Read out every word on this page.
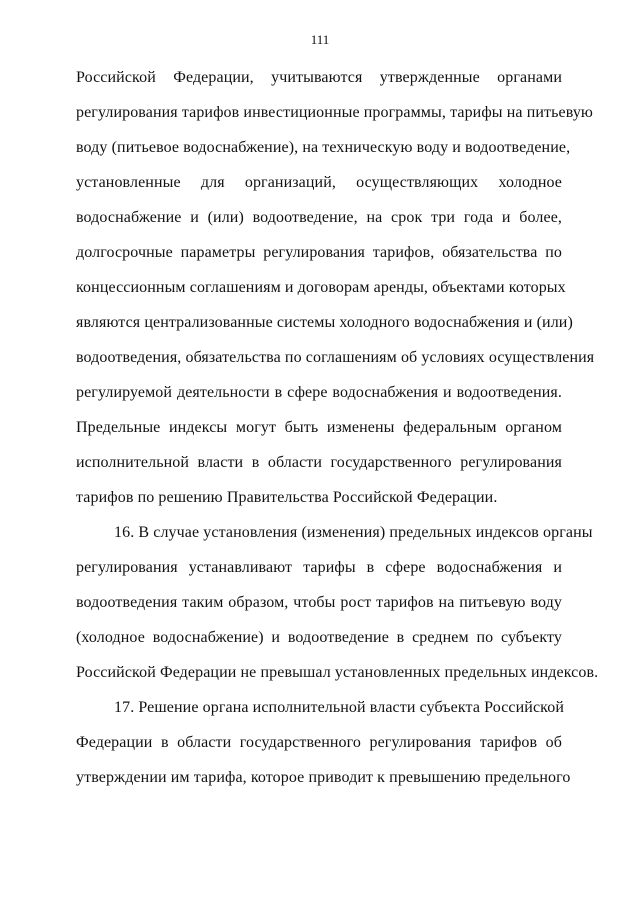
111
Российской Федерации, учитываются утвержденные органами
регулирования тарифов инвестиционные программы, тарифы на питьевую
воду (питьевое водоснабжение), на техническую воду и водоотведение,
установленные для организаций, осуществляющих холодное
водоснабжение и (или) водоотведение, на срок три года и более,
долгосрочные параметры регулирования тарифов, обязательства по
концессионным соглашениям и договорам аренды, объектами которых
являются централизованные системы холодного водоснабжения и (или)
водоотведения, обязательства по соглашениям об условиях осуществления
регулируемой деятельности в сфере водоснабжения и водоотведения.
Предельные индексы могут быть изменены федеральным органом
исполнительной власти в области государственного регулирования
тарифов по решению Правительства Российской Федерации.
16. В случае установления (изменения) предельных индексов органы
регулирования устанавливают тарифы в сфере водоснабжения и
водоотведения таким образом, чтобы рост тарифов на питьевую воду
(холодное водоснабжение) и водоотведение в среднем по субъекту
Российской Федерации не превышал установленных предельных индексов.
17. Решение органа исполнительной власти субъекта Российской
Федерации в области государственного регулирования тарифов об
утверждении им тарифа, которое приводит к превышению предельного
